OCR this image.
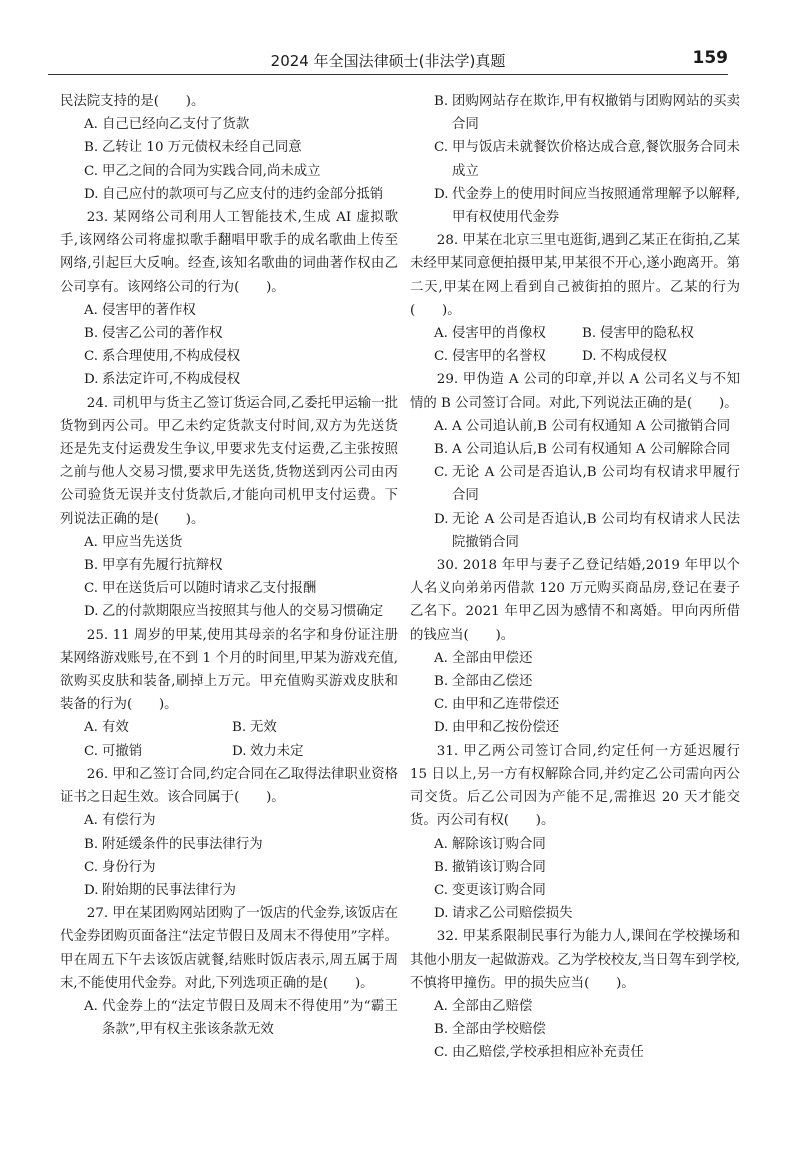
2024 年全国法律硕士(非法学)真题	159

民法院支持的是(　　)。

A. 自己已经向乙支付了货款
B. 乙转让 10 万元债权未经自己同意
C. 甲乙之间的合同为实践合同,尚未成立
D. 自己应付的款项可与乙应支付的违约金部分抵销

23. 某网络公司利用人工智能技术,生成 AI 虚拟歌手,该网络公司将虚拟歌手翻唱甲歌手的成名歌曲上传至网络,引起巨大反响。经查,该知名歌曲的词曲著作权由乙公司享有。该网络公司的行为(　　)。

A. 侵害甲的著作权
B. 侵害乙公司的著作权
C. 系合理使用,不构成侵权
D. 系法定许可,不构成侵权

24. 司机甲与货主乙签订货运合同,乙委托甲运输一批货物到丙公司。甲乙未约定货款支付时间,双方为先送货还是先支付运费发生争议,甲要求先支付运费,乙主张按照之前与他人交易习惯,要求甲先送货,货物送到丙公司由丙公司验货无误并支付货款后,才能向司机甲支付运费。下列说法正确的是(　　)。

A. 甲应当先送货
B. 甲享有先履行抗辩权
C. 甲在送货后可以随时请求乙支付报酬
D. 乙的付款期限应当按照其与他人的交易习惯确定

25. 11 周岁的甲某,使用其母亲的名字和身份证注册某网络游戏账号,在不到 1 个月的时间里,甲某为游戏充值,欲购买皮肤和装备,刷掉上万元。甲充值购买游戏皮肤和装备的行为(　　)。

A. 有效	B. 无效
C. 可撤销	D. 效力未定

26. 甲和乙签订合同,约定合同在乙取得法律职业资格证书之日起生效。该合同属于(　　)。

A. 有偿行为
B. 附延缓条件的民事法律行为
C. 身份行为
D. 附始期的民事法律行为

27. 甲在某团购网站团购了一饭店的代金券,该饭店在代金券团购页面备注“法定节假日及周末不得使用”字样。甲在周五下午去该饭店就餐,结账时饭店表示,周五属于周末,不能使用代金券。对此,下列选项正确的是(　　)。

A. 代金券上的“法定节假日及周末不得使用”为“霸王条款”,甲有权主张该条款无效
B. 团购网站存在欺诈,甲有权撤销与团购网站的买卖合同
C. 甲与饭店未就餐饮价格达成合意,餐饮服务合同未成立
D. 代金券上的使用时间应当按照通常理解予以解释,甲有权使用代金券

28. 甲某在北京三里屯逛街,遇到乙某正在街拍,乙某未经甲某同意便拍摄甲某,甲某很不开心,遂小跑离开。第二天,甲某在网上看到自己被街拍的照片。乙某的行为(　　)。

A. 侵害甲的肖像权	B. 侵害甲的隐私权
C. 侵害甲的名誉权	D. 不构成侵权

29. 甲伪造 A 公司的印章,并以 A 公司名义与不知情的 B 公司签订合同。对此,下列说法正确的是(　　)。

A. A 公司追认前,B 公司有权通知 A 公司撤销合同
B. A 公司追认后,B 公司有权通知 A 公司解除合同
C. 无论 A 公司是否追认,B 公司均有权请求甲履行合同
D. 无论 A 公司是否追认,B 公司均有权请求人民法院撤销合同

30. 2018 年甲与妻子乙登记结婚,2019 年甲以个人名义向弟弟丙借款 120 万元购买商品房,登记在妻子乙名下。2021 年甲乙因为感情不和离婚。甲向丙所借的钱应当(　　)。

A. 全部由甲偿还
B. 全部由乙偿还
C. 由甲和乙连带偿还
D. 由甲和乙按份偿还

31. 甲乙两公司签订合同,约定任何一方延迟履行 15 日以上,另一方有权解除合同,并约定乙公司需向丙公司交货。后乙公司因为产能不足,需推迟 20 天才能交货。丙公司有权(　　)。

A. 解除该订购合同
B. 撤销该订购合同
C. 变更该订购合同
D. 请求乙公司赔偿损失

32. 甲某系限制民事行为能力人,课间在学校操场和其他小朋友一起做游戏。乙为学校校友,当日驾车到学校,不慎将甲撞伤。甲的损失应当(　　)。

A. 全部由乙赔偿
B. 全部由学校赔偿
C. 由乙赔偿,学校承担相应补充责任
